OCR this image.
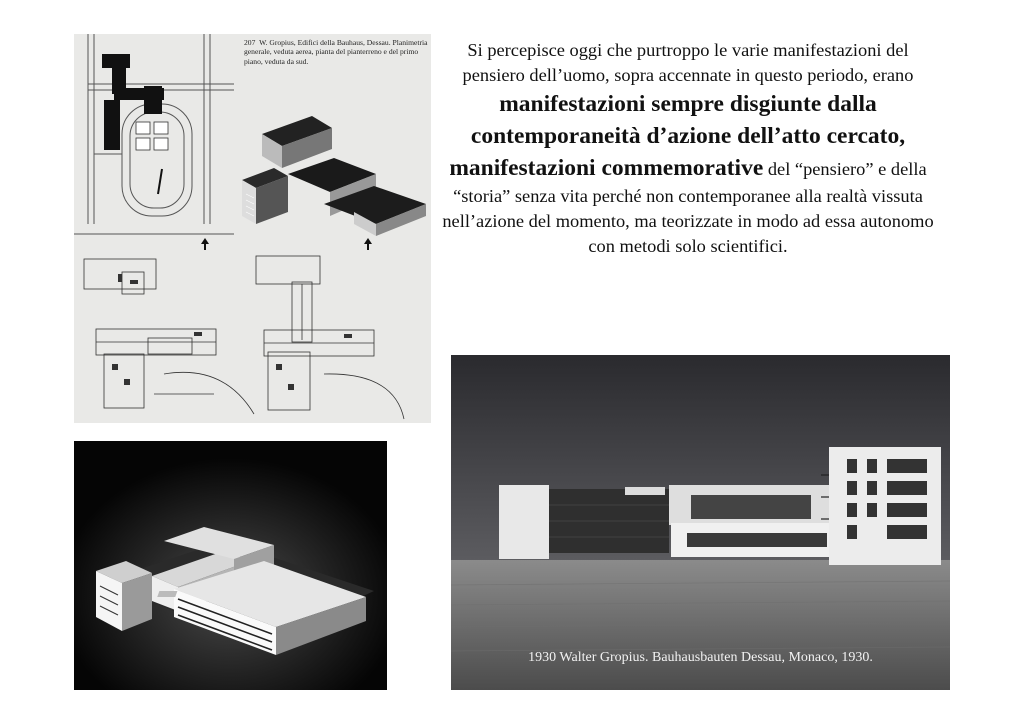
207 W. Gropius, Edifici della Bauhaus, Dessau. Planimetria generale, veduta aerea, pianta del pianterreno e del primo piano, veduta da sud.
Si percepisce oggi che purtroppo le varie manifestazioni del pensiero dell’uomo, sopra accennate in questo periodo, erano manifestazioni sempre disgiunte dalla contemporaneità d’azione dell’atto cercato, manifestazioni commemorative del “pensiero” e della “storia” senza vita perché non contemporanee alla realtà vissuta nell’azione del momento, ma teorizzate in modo ad essa autonomo con metodi solo scientifici.
1930 Walter Gropius. Bauhausbauten Dessau, Monaco, 1930.
